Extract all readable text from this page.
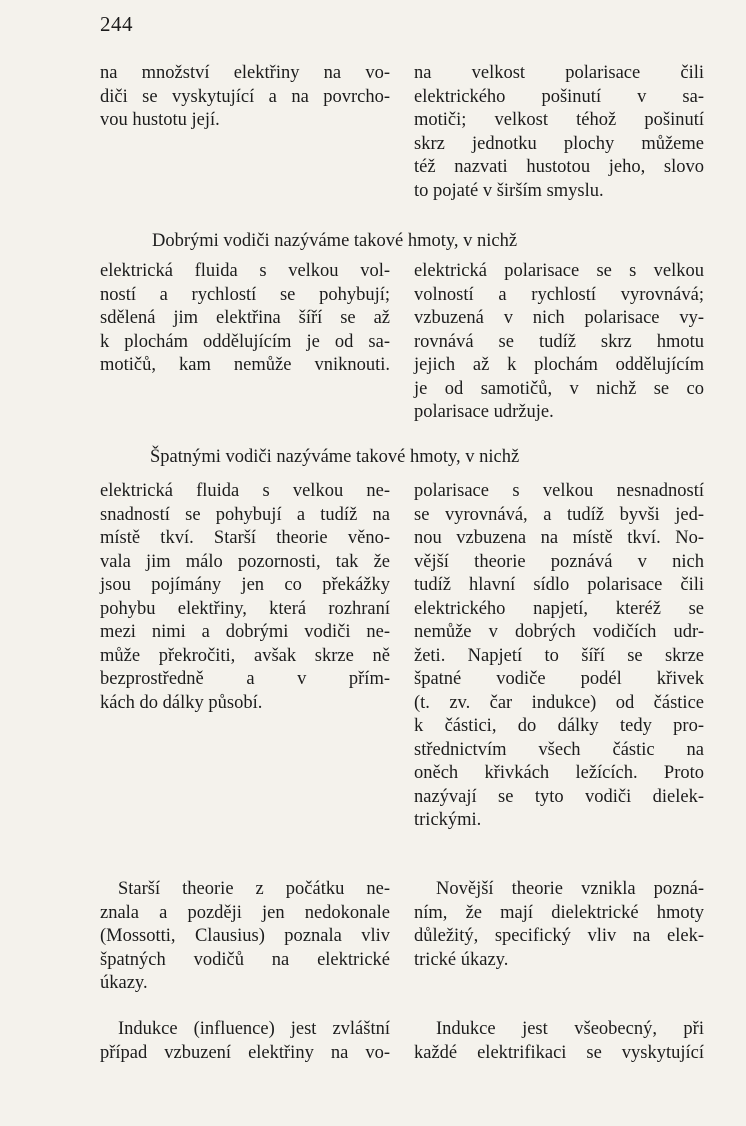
244
na množství elektřiny na vo-
diči se vyskytující a na povrcho-
vou hustotu její.
na velkost polarisace čili
elektrického pošinutí v sa-
motiči; velkost téhož pošinutí
skrz jednotku plochy můžeme
též nazvati hustotou jeho, slovo
to pojaté v širším smyslu.
Dobrými vodiči nazýváme takové hmoty, v nichž
elektrická fluida s velkou vol-
ností a rychlostí se pohybují;
sdělená jim elektřina šíří se až
k plochám oddělujícím je od sa-
motičů, kam nemůže vniknouti.
elektrická polarisace se s velkou
volností a rychlostí vyrovnává;
vzbuzená v nich polarisace vy-
rovnává se tudíž skrz hmotu
jejich až k plochám oddělujícím
je od samotičů, v nichž se co
polarisace udržuje.
Špatnými vodiči nazýváme takové hmoty, v nichž
elektrická fluida s velkou ne-
snadností se pohybují a tudíž na
místě tkví. Starší theorie věno-
vala jim málo pozornosti, tak že
jsou pojímány jen co překážky
pohybu elektřiny, která rozhraní
mezi nimi a dobrými vodiči ne-
může překročiti, avšak skrze ně
bezprostředně a v přím-
kách do dálky působí.
polarisace s velkou nesnadností
se vyrovnává, a tudíž byvši jed-
nou vzbuzena na místě tkví. No-
vější theorie poznává v nich
tudíž hlavní sídlo polarisace čili
elektrického napjetí, kteréž se
nemůže v dobrých vodičích udr-
žeti. Napjetí to šíří se skrze
špatné vodiče podél křivek
(t. zv. čar indukce) od částice
k částici, do dálky tedy pro-
střednictvím všech částic na
oněch křivkách ležících. Proto
nazývají se tyto vodiči dielek-
trickými.
Starší theorie z počátku ne-
znala a později jen nedokonale
(Mossotti, Clausius) poznala vliv
špatných vodičů na elektrické
úkazy.
Novější theorie vznikla pozná-
ním, že mají dielektrické hmoty
důležitý, specifický vliv na elek-
trické úkazy.
Indukce (influence) jest zvláštní
případ vzbuzení elektřiny na vo-
Indukce jest všeobecný, při
každé elektrifikaci se vyskytující
